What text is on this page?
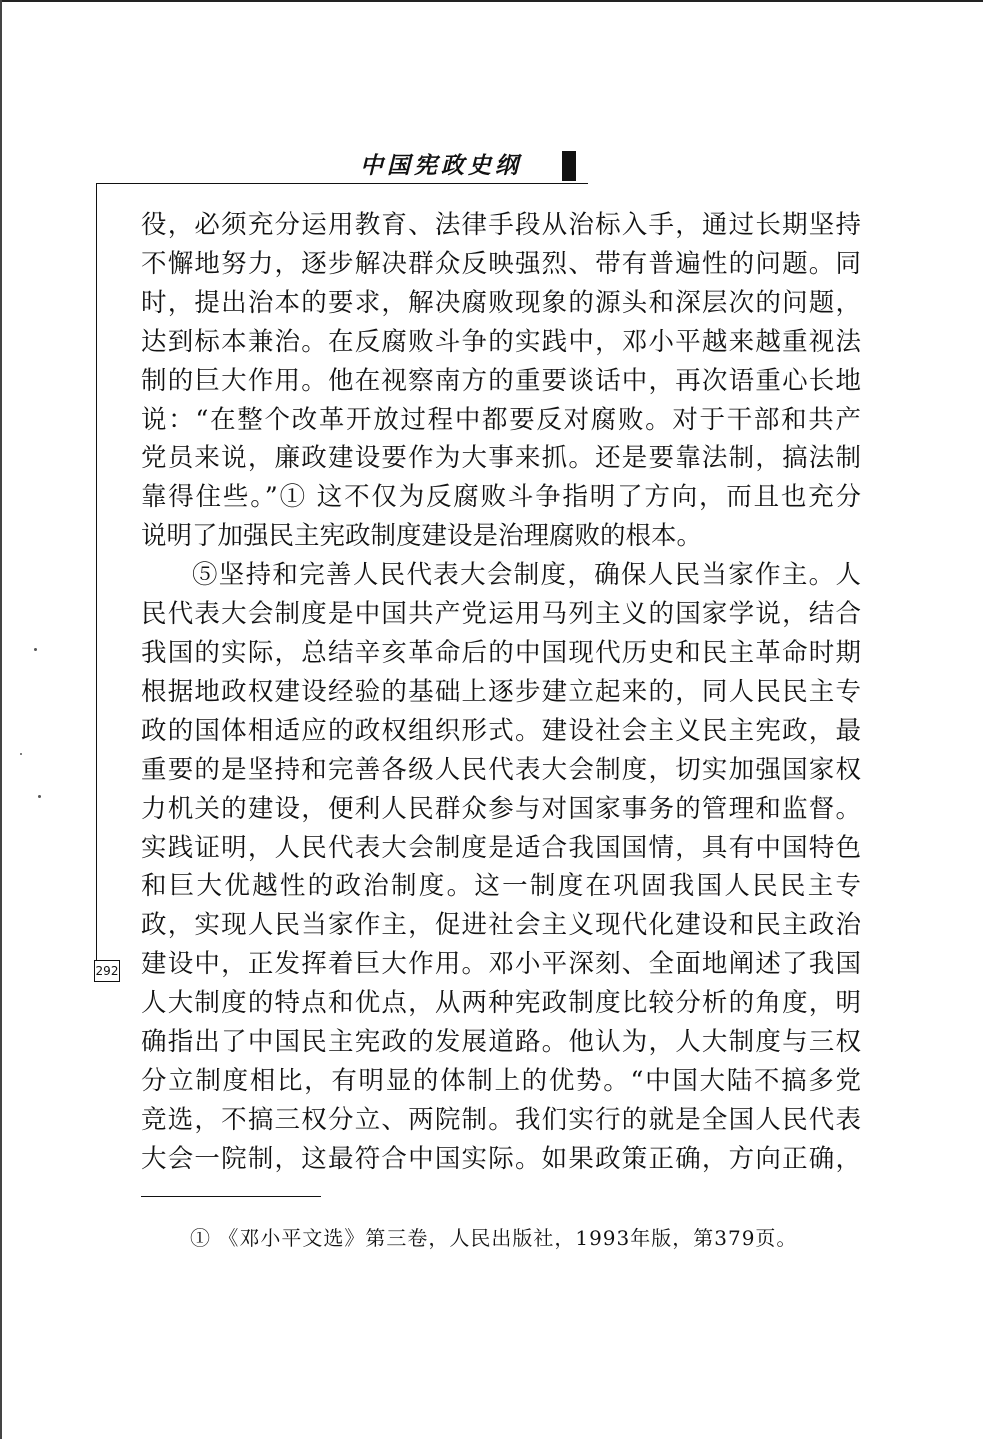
中国宪政史纲
292
役，必须充分运用教育、法律手段从治标入手，通过长期坚持
不懈地努力，逐步解决群众反映强烈、带有普遍性的问题。同
时，提出治本的要求，解决腐败现象的源头和深层次的问题，
达到标本兼治。在反腐败斗争的实践中，邓小平越来越重视法
制的巨大作用。他在视察南方的重要谈话中，再次语重心长地
说：“在整个改革开放过程中都要反对腐败。对于干部和共产
党员来说，廉政建设要作为大事来抓。还是要靠法制，搞法制
靠得住些。”① 这不仅为反腐败斗争指明了方向，而且也充分
说明了加强民主宪政制度建设是治理腐败的根本。
⑤坚持和完善人民代表大会制度，确保人民当家作主。人
民代表大会制度是中国共产党运用马列主义的国家学说，结合
我国的实际，总结辛亥革命后的中国现代历史和民主革命时期
根据地政权建设经验的基础上逐步建立起来的，同人民民主专
政的国体相适应的政权组织形式。建设社会主义民主宪政，最
重要的是坚持和完善各级人民代表大会制度，切实加强国家权
力机关的建设，便利人民群众参与对国家事务的管理和监督。
实践证明，人民代表大会制度是适合我国国情，具有中国特色
和巨大优越性的政治制度。这一制度在巩固我国人民民主专
政，实现人民当家作主，促进社会主义现代化建设和民主政治
建设中，正发挥着巨大作用。邓小平深刻、全面地阐述了我国
人大制度的特点和优点，从两种宪政制度比较分析的角度，明
确指出了中国民主宪政的发展道路。他认为，人大制度与三权
分立制度相比，有明显的体制上的优势。“中国大陆不搞多党
竞选，不搞三权分立、两院制。我们实行的就是全国人民代表
大会一院制，这最符合中国实际。如果政策正确，方向正确，
① 《邓小平文选》第三卷，人民出版社，1993年版，第379页。
